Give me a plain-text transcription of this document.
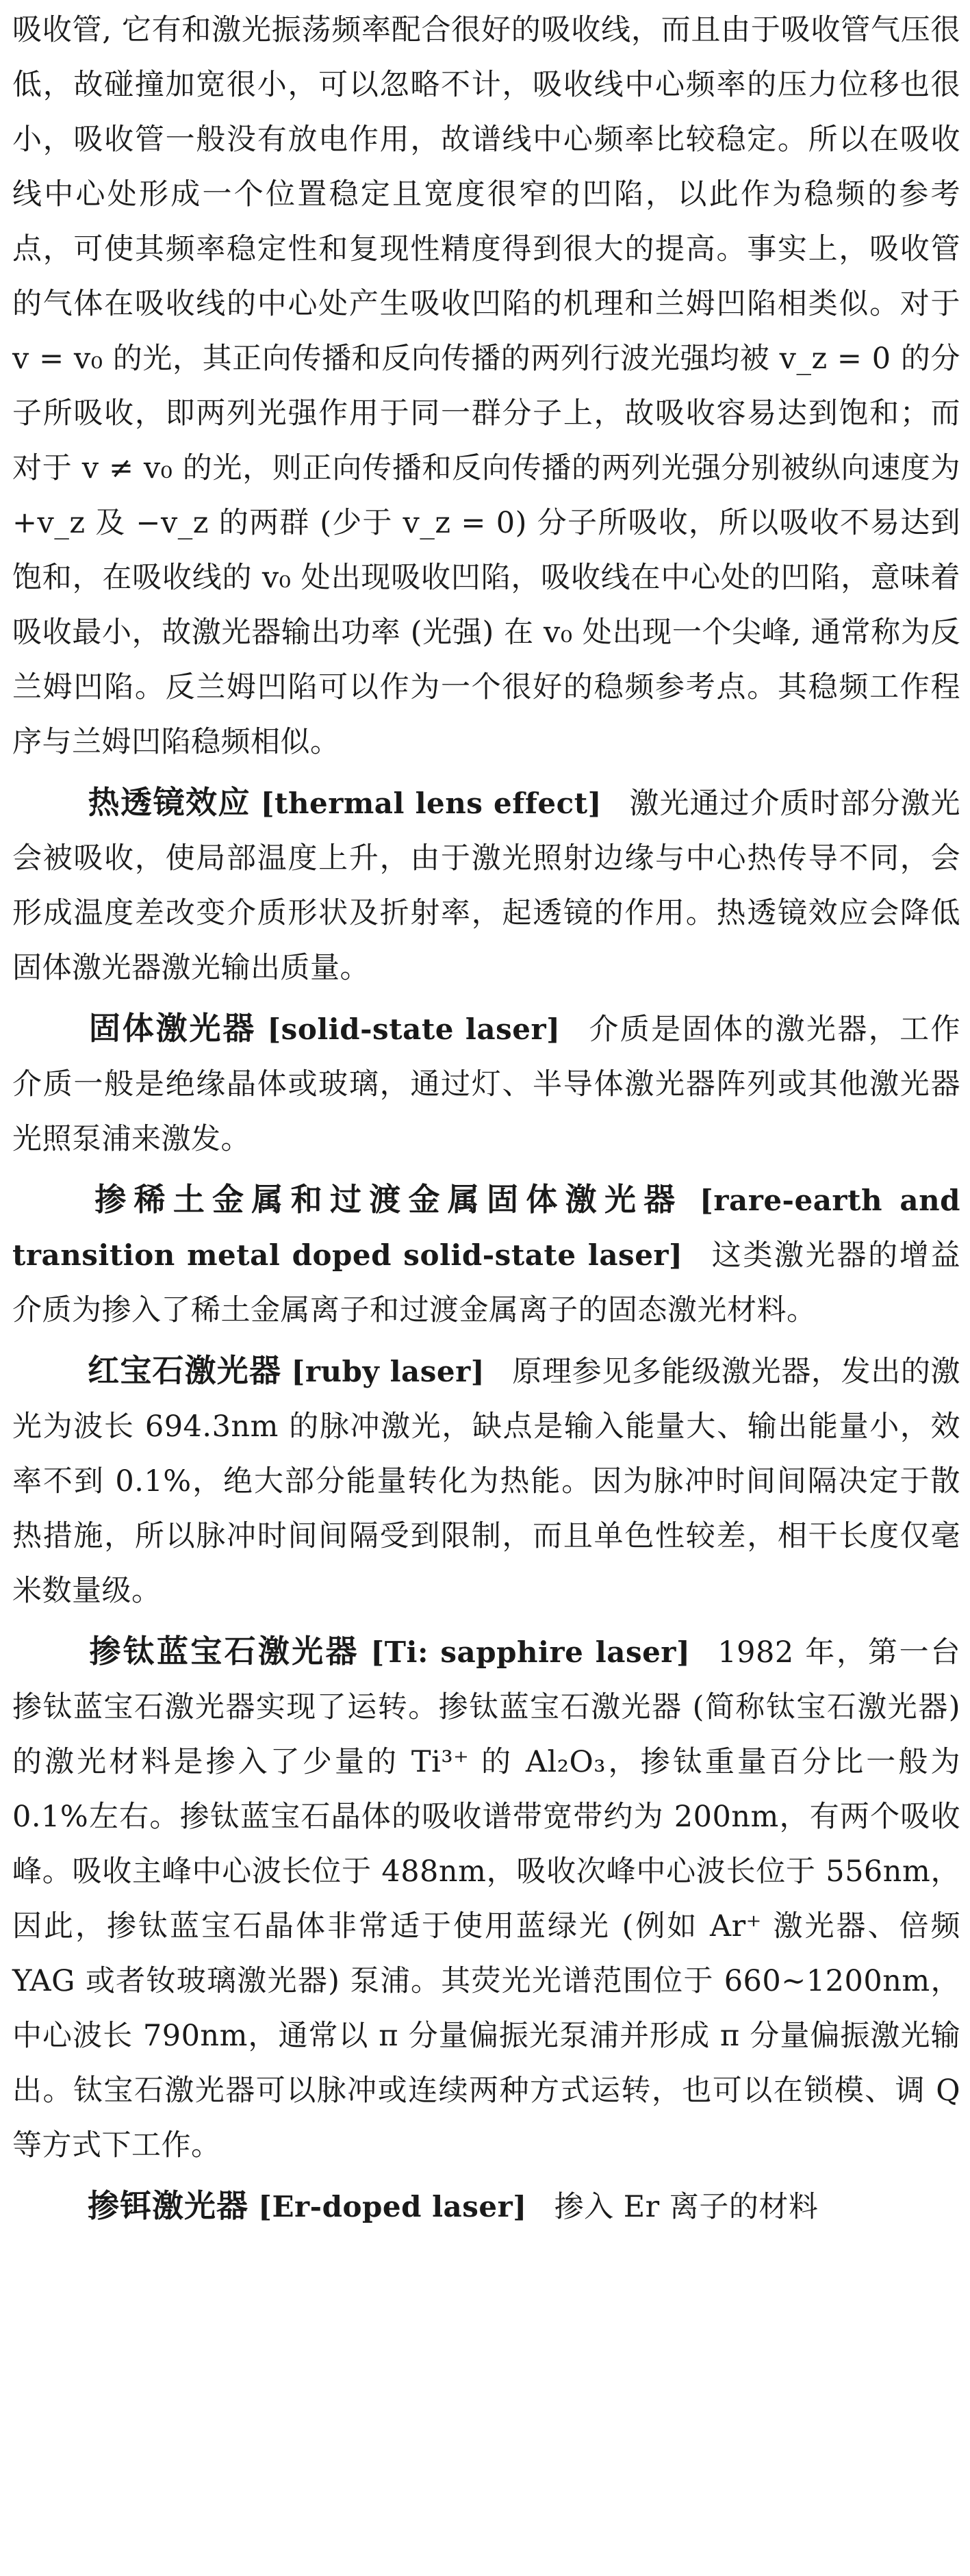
吸收管, 它有和激光振荡频率配合很好的吸收线，而且由于吸收管气压很低，故碰撞加宽很小，可以忽略不计，吸收线中心频率的压力位移也很小，吸收管一般没有放电作用，故谱线中心频率比较稳定。所以在吸收线中心处形成一个位置稳定且宽度很窄的凹陷，以此作为稳频的参考点，可使其频率稳定性和复现性精度得到很大的提高。事实上，吸收管的气体在吸收线的中心处产生吸收凹陷的机理和兰姆凹陷相类似。对于 v = v₀ 的光，其正向传播和反向传播的两列行波光强均被 v_z = 0 的分子所吸收，即两列光强作用于同一群分子上，故吸收容易达到饱和；而对于 v ≠ v₀ 的光，则正向传播和反向传播的两列光强分别被纵向速度为 +v_z 及 −v_z 的两群 (少于 v_z = 0) 分子所吸收，所以吸收不易达到饱和，在吸收线的 v₀ 处出现吸收凹陷，吸收线在中心处的凹陷，意味着吸收最小，故激光器输出功率 (光强) 在 v₀ 处出现一个尖峰, 通常称为反兰姆凹陷。反兰姆凹陷可以作为一个很好的稳频参考点。其稳频工作程序与兰姆凹陷稳频相似。

热透镜效应 [thermal lens effect] 激光通过介质时部分激光会被吸收，使局部温度上升，由于激光照射边缘与中心热传导不同，会形成温度差改变介质形状及折射率，起透镜的作用。热透镜效应会降低固体激光器激光输出质量。

固体激光器 [solid-state laser] 介质是固体的激光器，工作介质一般是绝缘晶体或玻璃，通过灯、半导体激光器阵列或其他激光器光照泵浦来激发。

掺稀土金属和过渡金属固体激光器 [rare-earth and transition metal doped solid-state laser] 这类激光器的增益介质为掺入了稀土金属离子和过渡金属离子的固态激光材料。

红宝石激光器 [ruby laser] 原理参见多能级激光器，发出的激光为波长 694.3nm 的脉冲激光，缺点是输入能量大、输出能量小，效率不到 0.1%，绝大部分能量转化为热能。因为脉冲时间间隔决定于散热措施，所以脉冲时间间隔受到限制，而且单色性较差，相干长度仅毫米数量级。

掺钛蓝宝石激光器 [Ti: sapphire laser] 1982 年，第一台掺钛蓝宝石激光器实现了运转。掺钛蓝宝石激光器 (简称钛宝石激光器) 的激光材料是掺入了少量的 Ti³⁺ 的 Al₂O₃，掺钛重量百分比一般为 0.1%左右。掺钛蓝宝石晶体的吸收谱带宽带约为 200nm，有两个吸收峰。吸收主峰中心波长位于 488nm，吸收次峰中心波长位于 556nm，因此，掺钛蓝宝石晶体非常适于使用蓝绿光 (例如 Ar⁺ 激光器、倍频 YAG 或者钕玻璃激光器) 泵浦。其荧光光谱范围位于 660∼1200nm，中心波长 790nm，通常以 π 分量偏振光泵浦并形成 π 分量偏振激光输出。钛宝石激光器可以脉冲或连续两种方式运转，也可以在锁模、调 Q 等方式下工作。

掺铒激光器 [Er-doped laser] 掺入 Er 离子的材料
